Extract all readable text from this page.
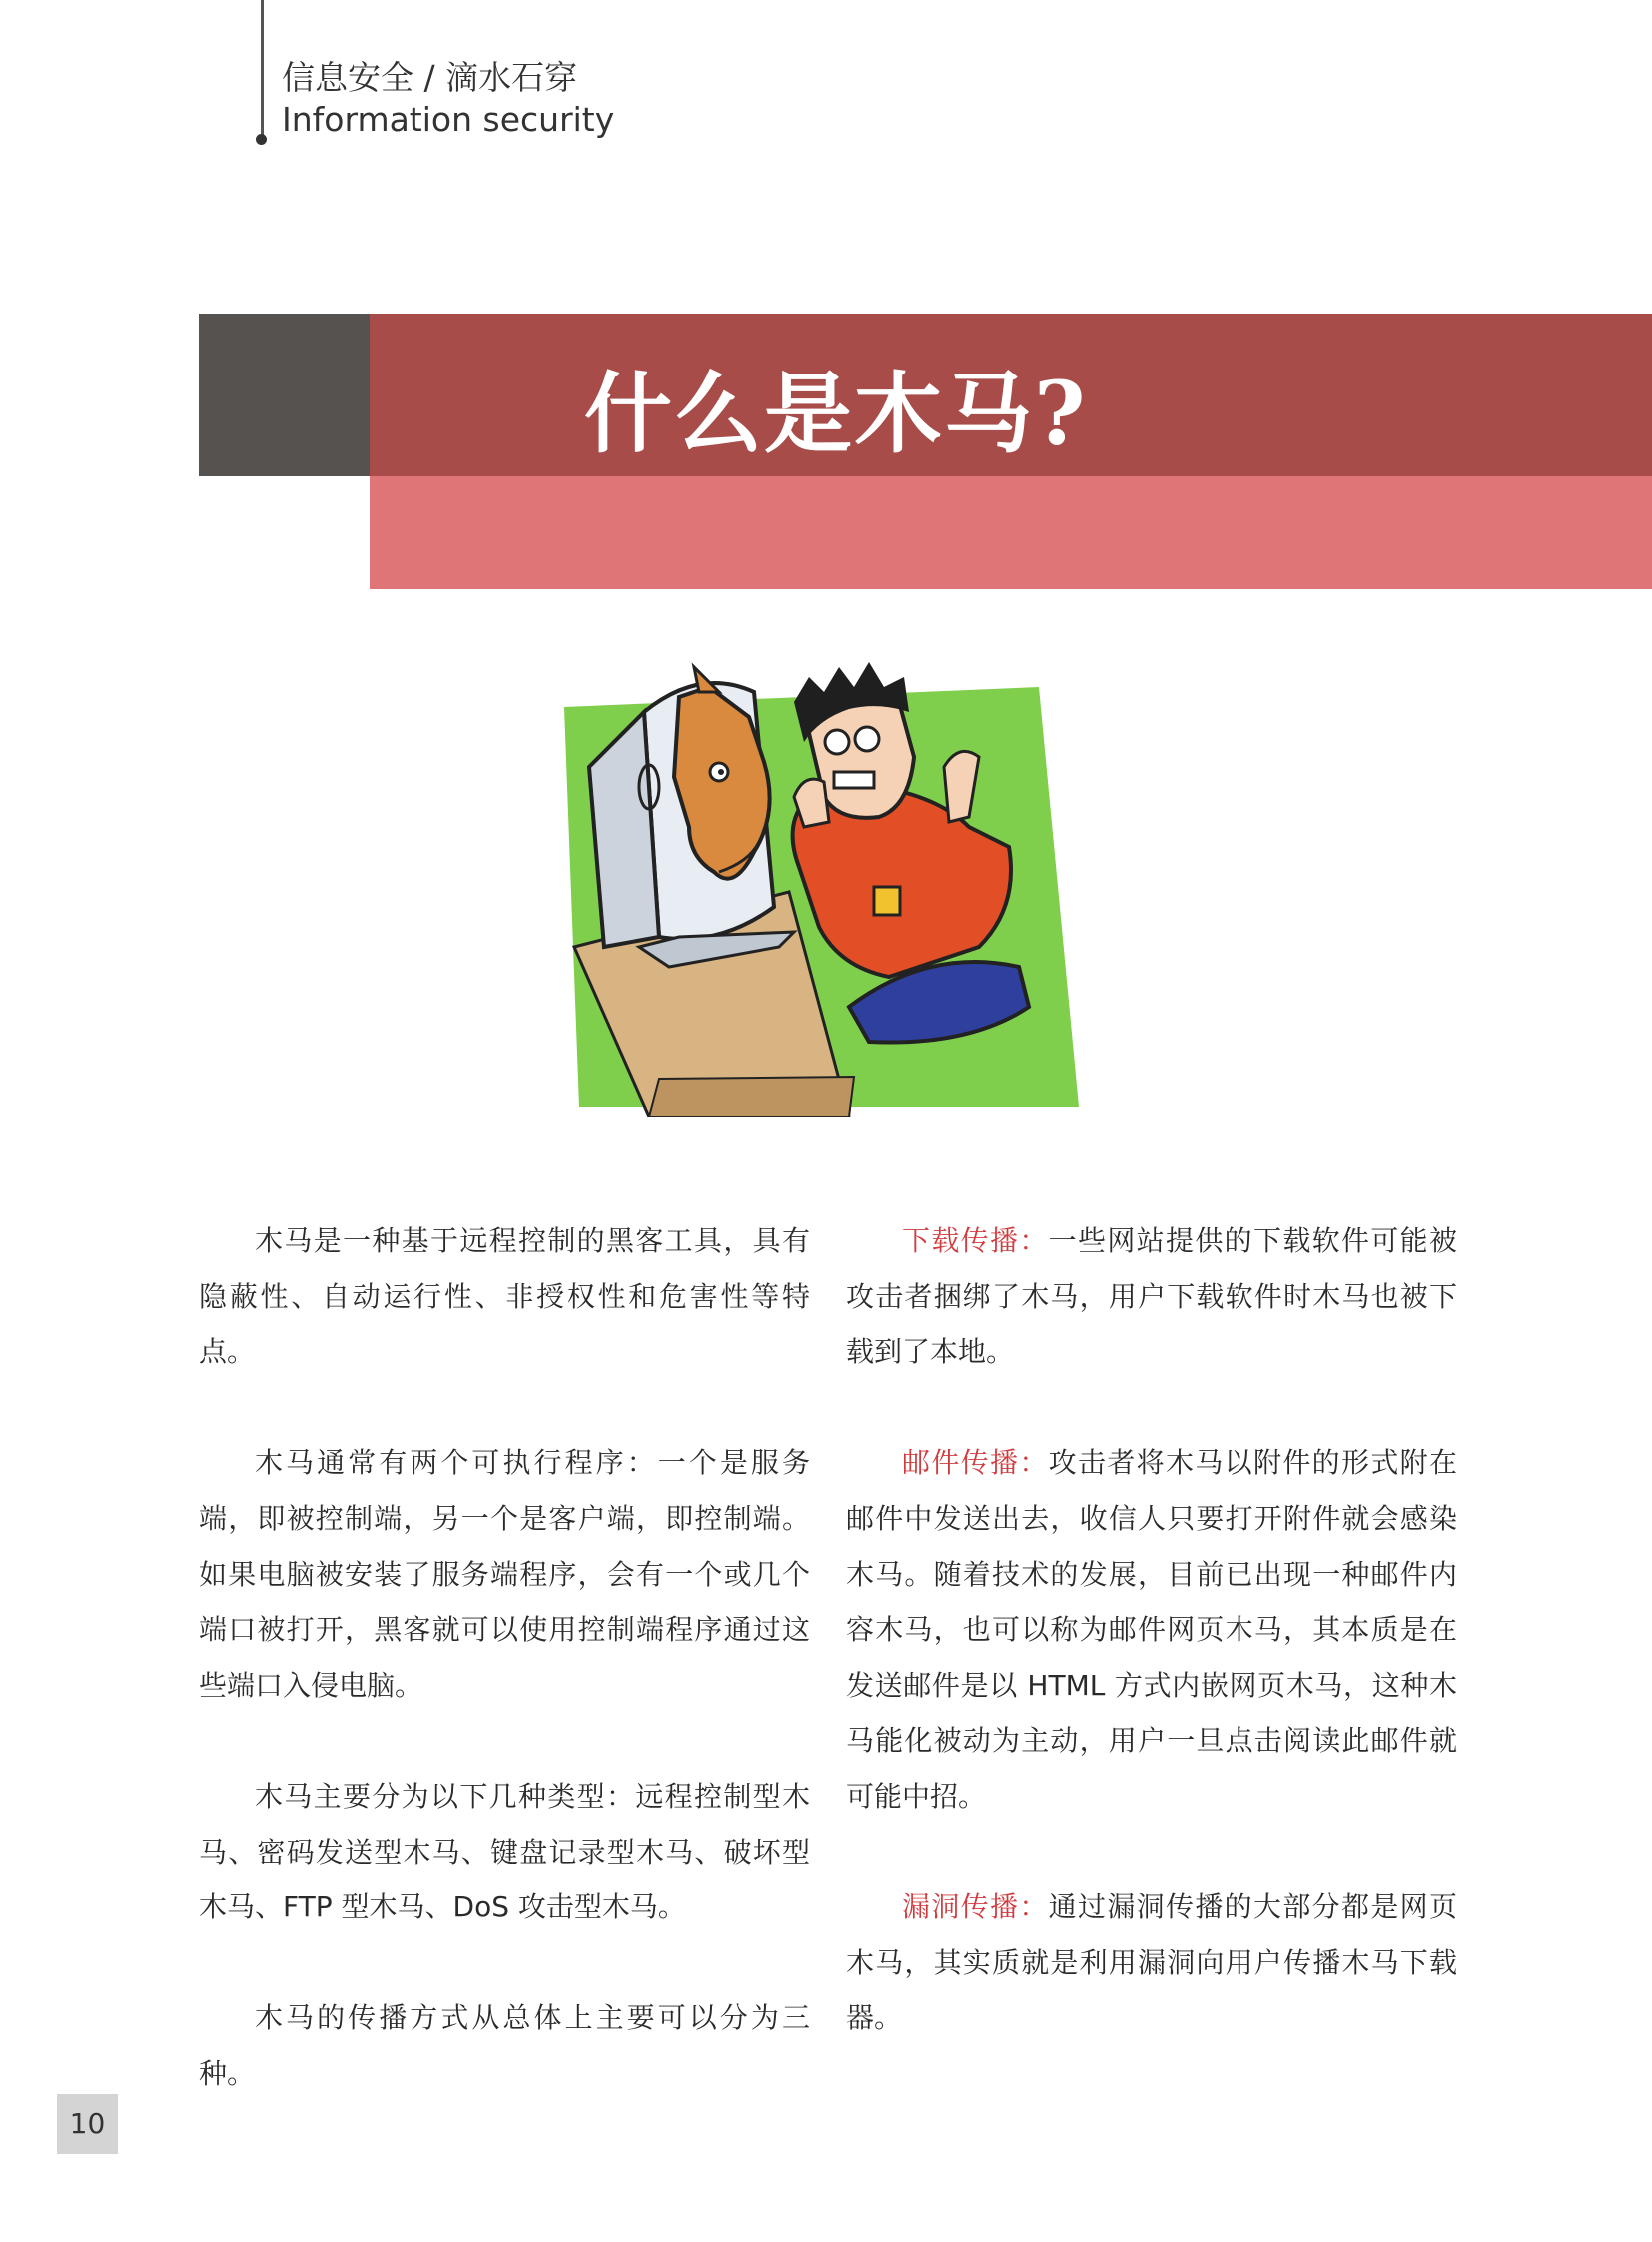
信息安全 / 滴水石穿
Information security
什么是木马?

木马是一种基于远程控制的黑客工具，具有隐蔽性、自动运行性、非授权性和危害性等特点。

木马通常有两个可执行程序：一个是服务端，即被控制端，另一个是客户端，即控制端。如果电脑被安装了服务端程序，会有一个或几个端口被打开，黑客就可以使用控制端程序通过这些端口入侵电脑。

木马主要分为以下几种类型：远程控制型木马、密码发送型木马、键盘记录型木马、破坏型木马、FTP 型木马、DoS 攻击型木马。

木马的传播方式从总体上主要可以分为三种。

下载传播：一些网站提供的下载软件可能被攻击者捆绑了木马，用户下载软件时木马也被下载到了本地。

邮件传播：攻击者将木马以附件的形式附在邮件中发送出去，收信人只要打开附件就会感染木马。随着技术的发展，目前已出现一种邮件内容木马，也可以称为邮件网页木马，其本质是在发送邮件是以 HTML 方式内嵌网页木马，这种木马能化被动为主动，用户一旦点击阅读此邮件就可能中招。

漏洞传播：通过漏洞传播的大部分都是网页木马，其实质就是利用漏洞向用户传播木马下载器。

10
